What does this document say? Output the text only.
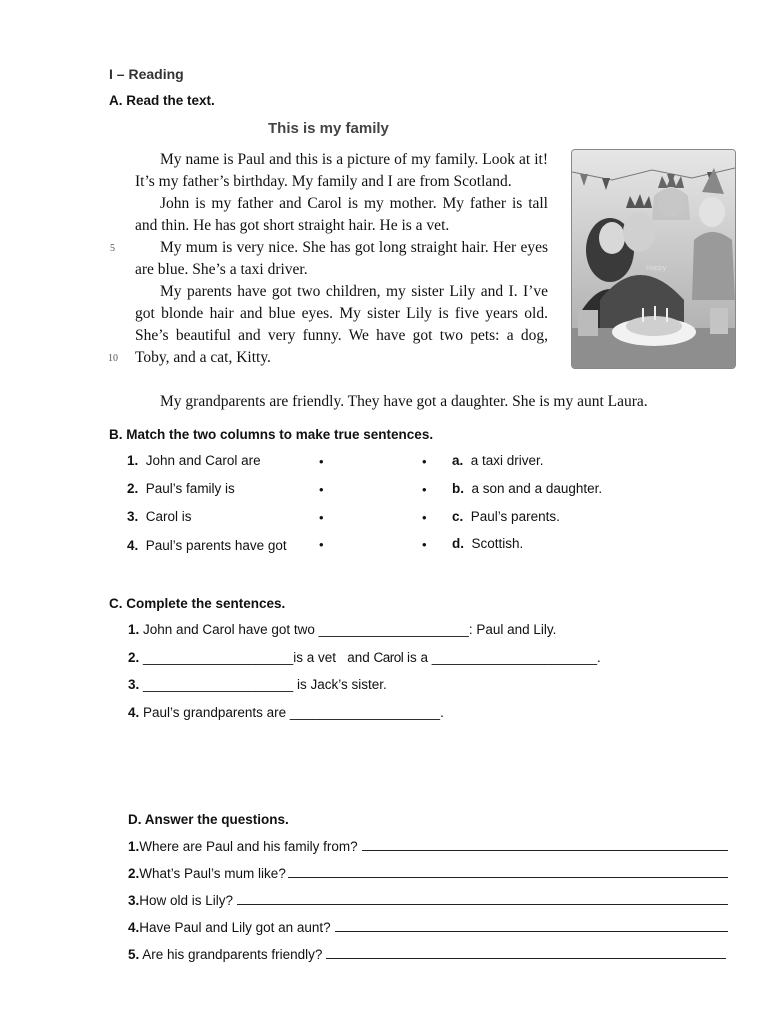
I – Reading
A. Read the text.
This is my family

My name is Paul and this is a picture of my family. Look at it! It’s my father’s birthday. My family and I are from Scotland.

John is my father and Carol is my mother. My father is tall and thin. He has got short straight hair. He is a vet.

My mum is very nice. She has got long straight hair. Her eyes are blue. She’s a taxi driver.

My parents have got two children, my sister Lily and I. I’ve got blonde hair and blue eyes. My sister Lily is five years old. She’s beautiful and very funny. We have got two pets: a dog, Toby, and a cat, Kitty.

My grandparents are friendly. They have got a daughter. She is my aunt Laura.

5
10
Happy
B. Match the two columns to make true sentences.
1. John and Carol are
2. Paul’s family is
3. Carol is
4. Paul’s parents have got
•
•
•
•
•
•
•
•
a. a taxi driver.
b. a son and a daughter.
c. Paul’s parents.
d. Scottish.
C. Complete the sentences.
1. John and Carol have got two ____________________: Paul and Lily.
2. ____________________is a vet   and Carol is a ______________________.
3. ____________________ is Jack’s sister.
4. Paul’s grandparents are ____________________.
D. Answer the questions.
1. Where are Paul and his family from?
2. What’s Paul’s mum like?
3. How old is Lily?
4. Have Paul and Lily got an aunt?
5. Are his grandparents friendly?
